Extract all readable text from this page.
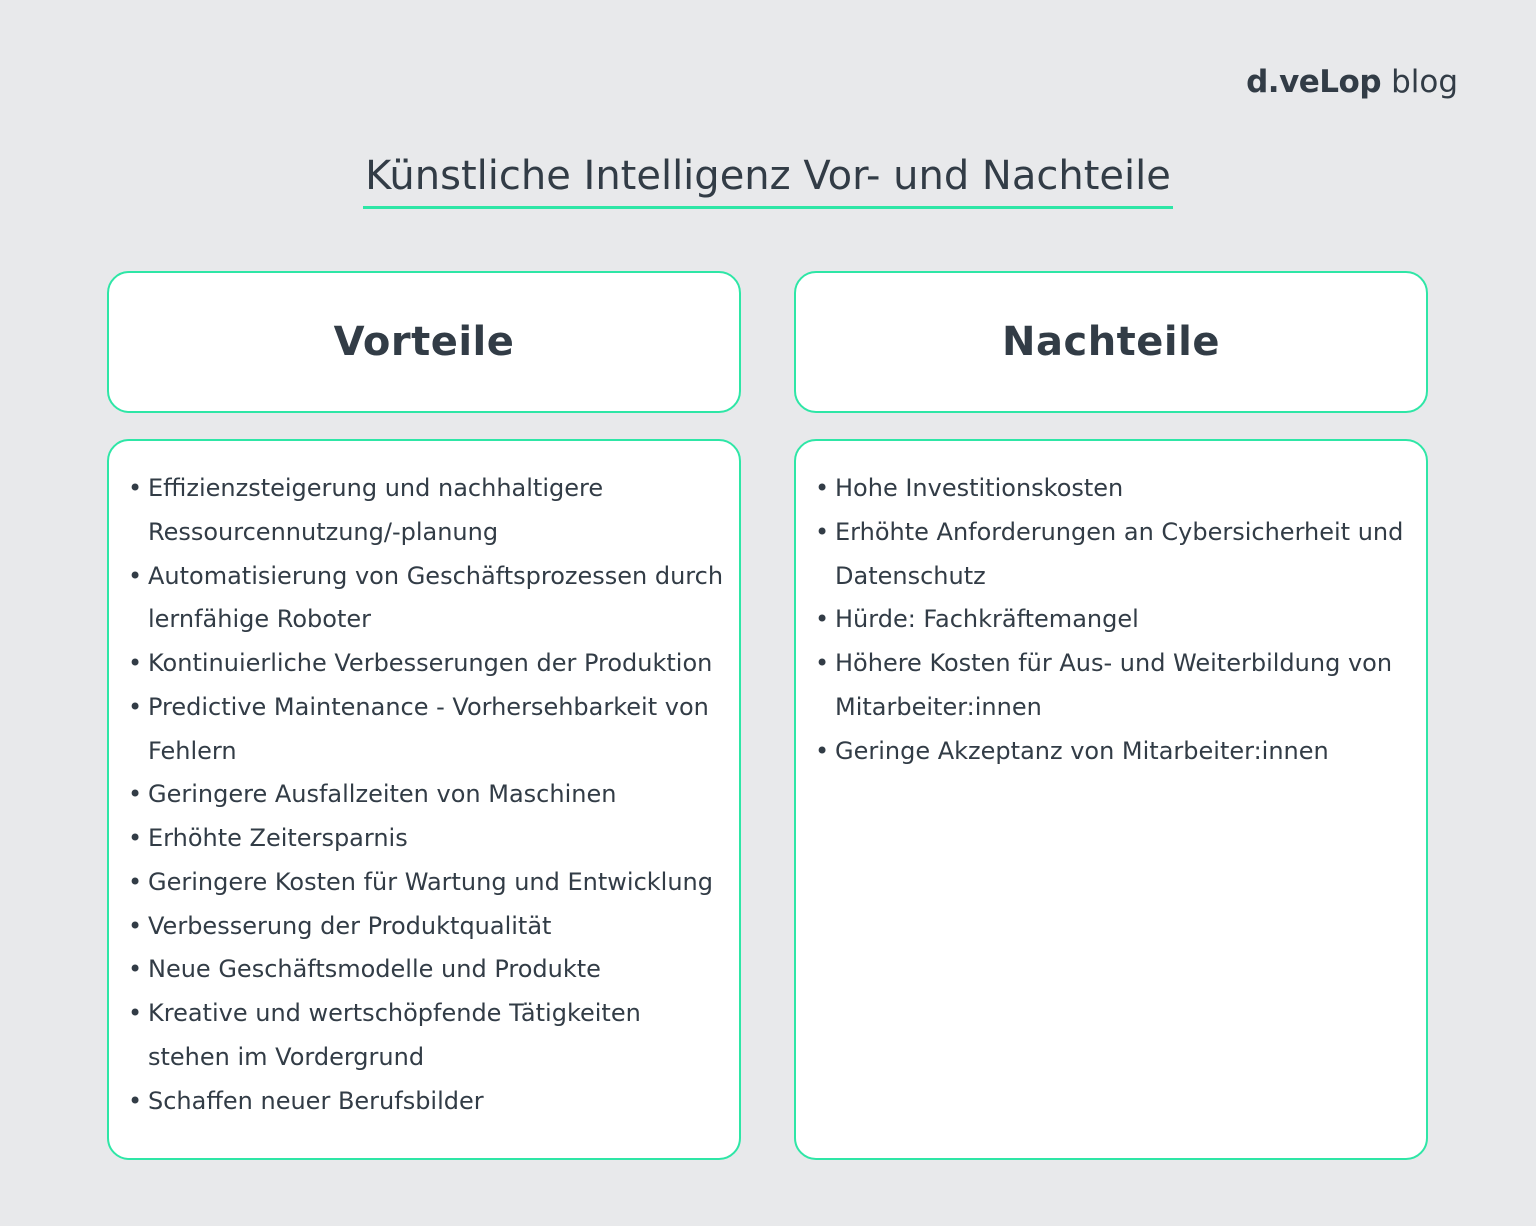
d.veLop blog
Künstliche Intelligenz Vor- und Nachteile
Vorteile	Nachteile
• Effizienzsteigerung und nachhaltigere Ressourcennutzung/-planung
• Automatisierung von Geschäftsprozessen durch lernfähige Roboter
• Kontinuierliche Verbesserungen der Produktion
• Predictive Maintenance - Vorhersehbarkeit von Fehlern
• Geringere Ausfallzeiten von Maschinen
• Erhöhte Zeitersparnis
• Geringere Kosten für Wartung und Entwicklung
• Verbesserung der Produktqualität
• Neue Geschäftsmodelle und Produkte
• Kreative und wertschöpfende Tätigkeiten stehen im Vordergrund
• Schaffen neuer Berufsbilder
• Hohe Investitionskosten
• Erhöhte Anforderungen an Cybersicherheit und Datenschutz
• Hürde: Fachkräftemangel
• Höhere Kosten für Aus- und Weiterbildung von Mitarbeiter:innen
• Geringe Akzeptanz von Mitarbeiter:innen
